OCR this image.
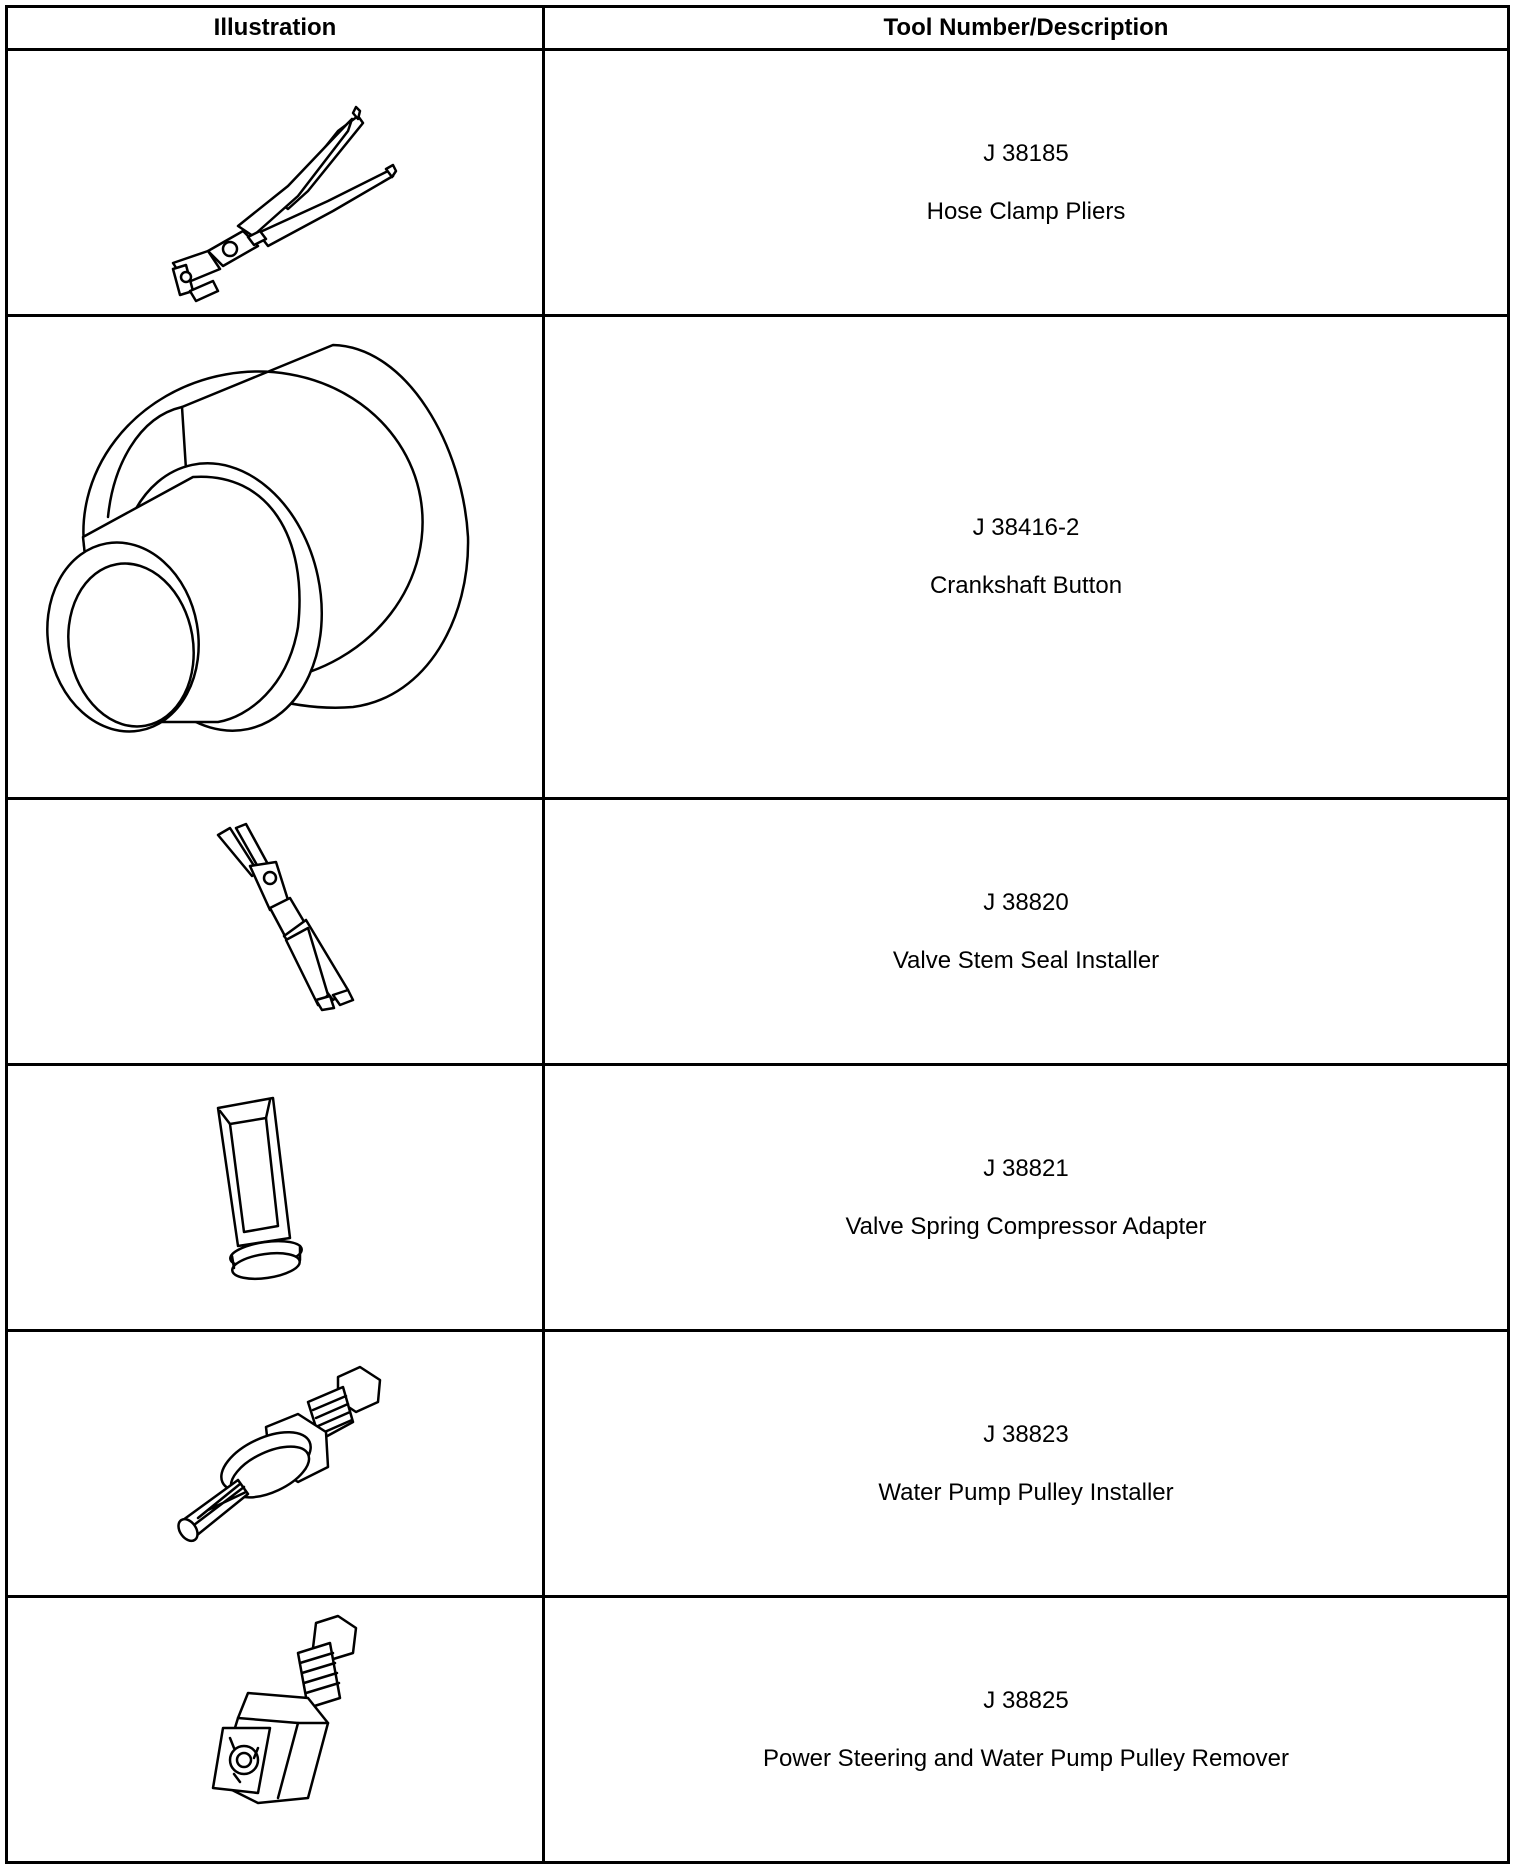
Illustration	Tool Number/Description

J 38185
Hose Clamp Pliers

J 38416-2
Crankshaft Button

J 38820
Valve Stem Seal Installer

J 38821
Valve Spring Compressor Adapter

J 38823
Water Pump Pulley Installer

J 38825
Power Steering and Water Pump Pulley Remover
